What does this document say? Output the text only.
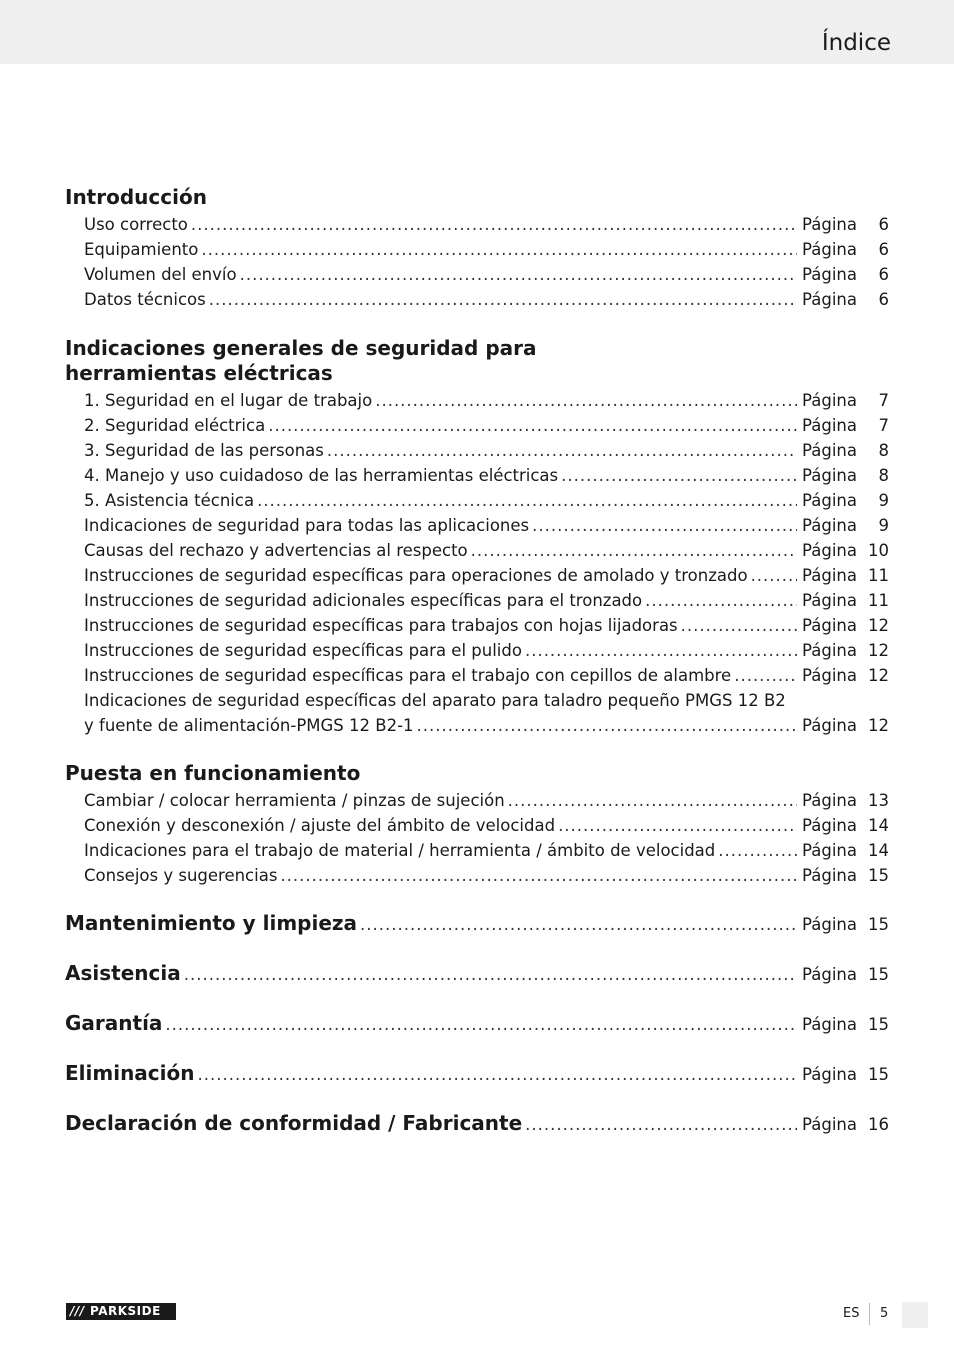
Índice
Introducción
Uso correcto .....	Página	6
Equipamiento .....	Página	6
Volumen del envío .....	Página	6
Datos técnicos .....	Página	6
Indicaciones generales de seguridad para
herramientas eléctricas
1. Seguridad en el lugar de trabajo .....	Página	7
2. Seguridad eléctrica .....	Página	7
3. Seguridad de las personas .....	Página	8
4. Manejo y uso cuidadoso de las herramientas eléctricas .....	Página	8
5. Asistencia técnica .....	Página	9
Indicaciones de seguridad para todas las aplicaciones .....	Página	9
Causas del rechazo y advertencias al respecto .....	Página 10
Instrucciones de seguridad específicas para operaciones de amolado y tronzado .....	Página 11
Instrucciones de seguridad adicionales específicas para el tronzado .....	Página 11
Instrucciones de seguridad específicas para trabajos con hojas lijadoras .....	Página 12
Instrucciones de seguridad específicas para el pulido .....	Página 12
Instrucciones de seguridad específicas para el trabajo con cepillos de alambre .....	Página 12
Indicaciones de seguridad específicas del aparato para taladro pequeño PMGS 12 B2
y fuente de alimentación-PMGS 12 B2-1 .....	Página 12
Puesta en funcionamiento
Cambiar / colocar herramienta / pinzas de sujeción .....	Página 13
Conexión y desconexión / ajuste del ámbito de velocidad .....	Página 14
Indicaciones para el trabajo de material / herramienta / ámbito de velocidad .....	Página 14
Consejos y sugerencias .....	Página 15
Mantenimiento y limpieza .....	Página 15
Asistencia .....	Página 15
Garantía .....	Página 15
Eliminación .....	Página 15
Declaración de conformidad / Fabricante .....	Página 16
/// PARKSIDE	ES 5
